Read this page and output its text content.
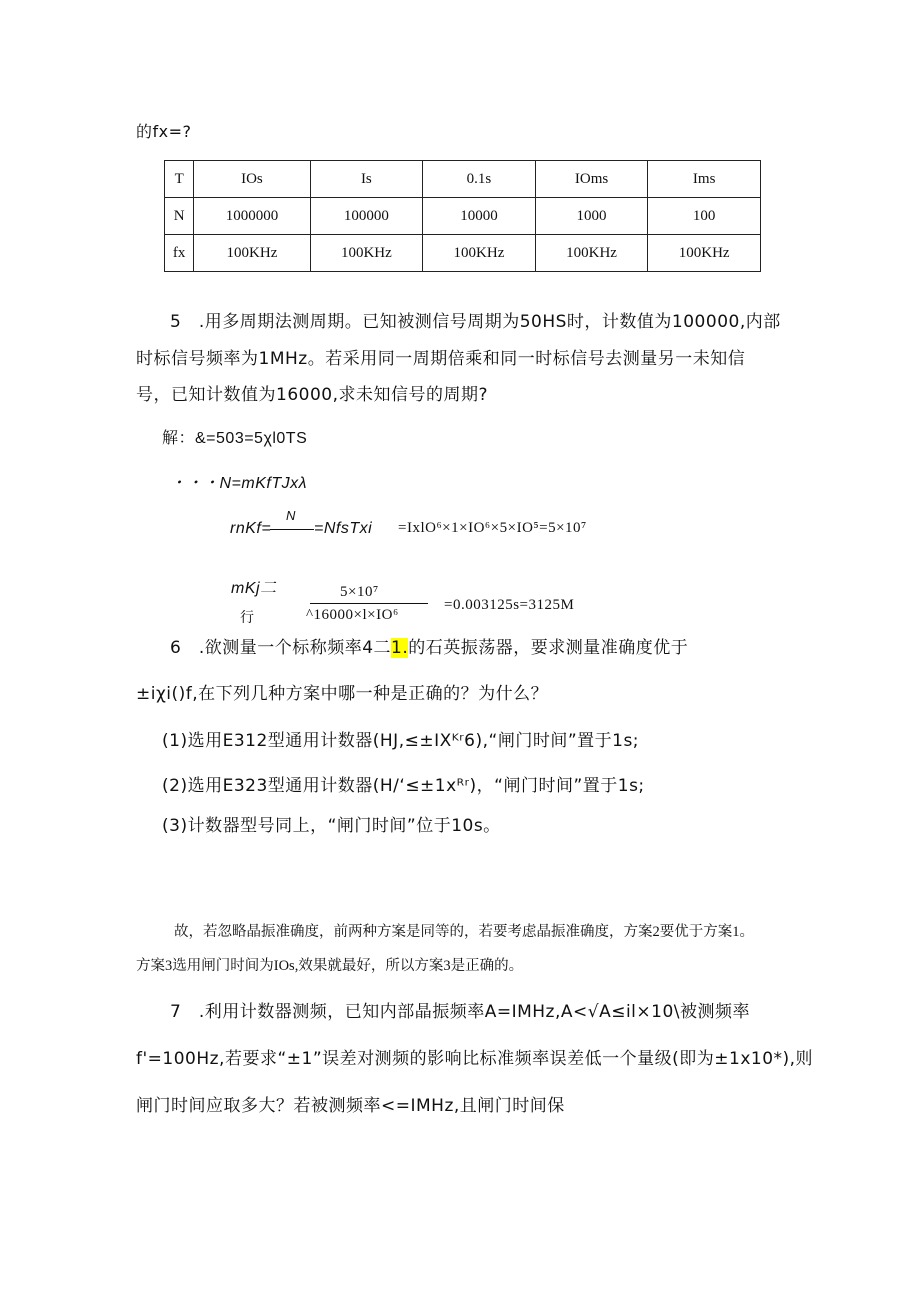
的fx=?
T	IOs	Is	0.1s	IOms	Ims
N	1000000	100000	10000	1000	100
fx	100KHz	100KHz	100KHz	100KHz	100KHz
5　.用多周期法测周期。已知被测信号周期为50HS时，计数值为100000,内部
时标信号频率为1MHz。若采用同一周期倍乘和同一时标信号去测量另一未知信
号，已知计数值为16000,求未知信号的周期?
解：&=503=5χl0TS
・・・N=mKfTJxλ
rnKf=
N
=NfsTxi =IxlO⁶×1×IO⁶×5×IO⁵=5×10⁷
mKj二
行
5×10⁷
^16000×l×IO⁶
=0.003125s=3125M
6　.欲测量一个标称频率4二1.的石英振荡器，要求测量准确度优于
±iχi()f,在下列几种方案中哪一种是正确的？为什么？
(1)选用E312型通用计数器(HJ,≤±IXᴷʳ6),“闸门时间”置于1s;
(2)选用E323型通用计数器(H/‘≤±1xᴿʳ)，“闸门时间”置于1s;
(3)计数器型号同上，“闸门时间”位于10s。
故，若忽略晶振准确度，前两种方案是同等的，若要考虑晶振准确度，方案2要优于方案1。
方案3选用闸门时间为IOs,效果就最好，所以方案3是正确的。
7　.利用计数器测频，已知内部晶振频率A=IMHz,A<√A≤il×10\被测频率
f'=100Hz,若要求“±1”误差对测频的影响比标准频率误差低一个量级(即为±1x10*),则
闸门时间应取多大？若被测频率<=IMHz,且闸门时间保
